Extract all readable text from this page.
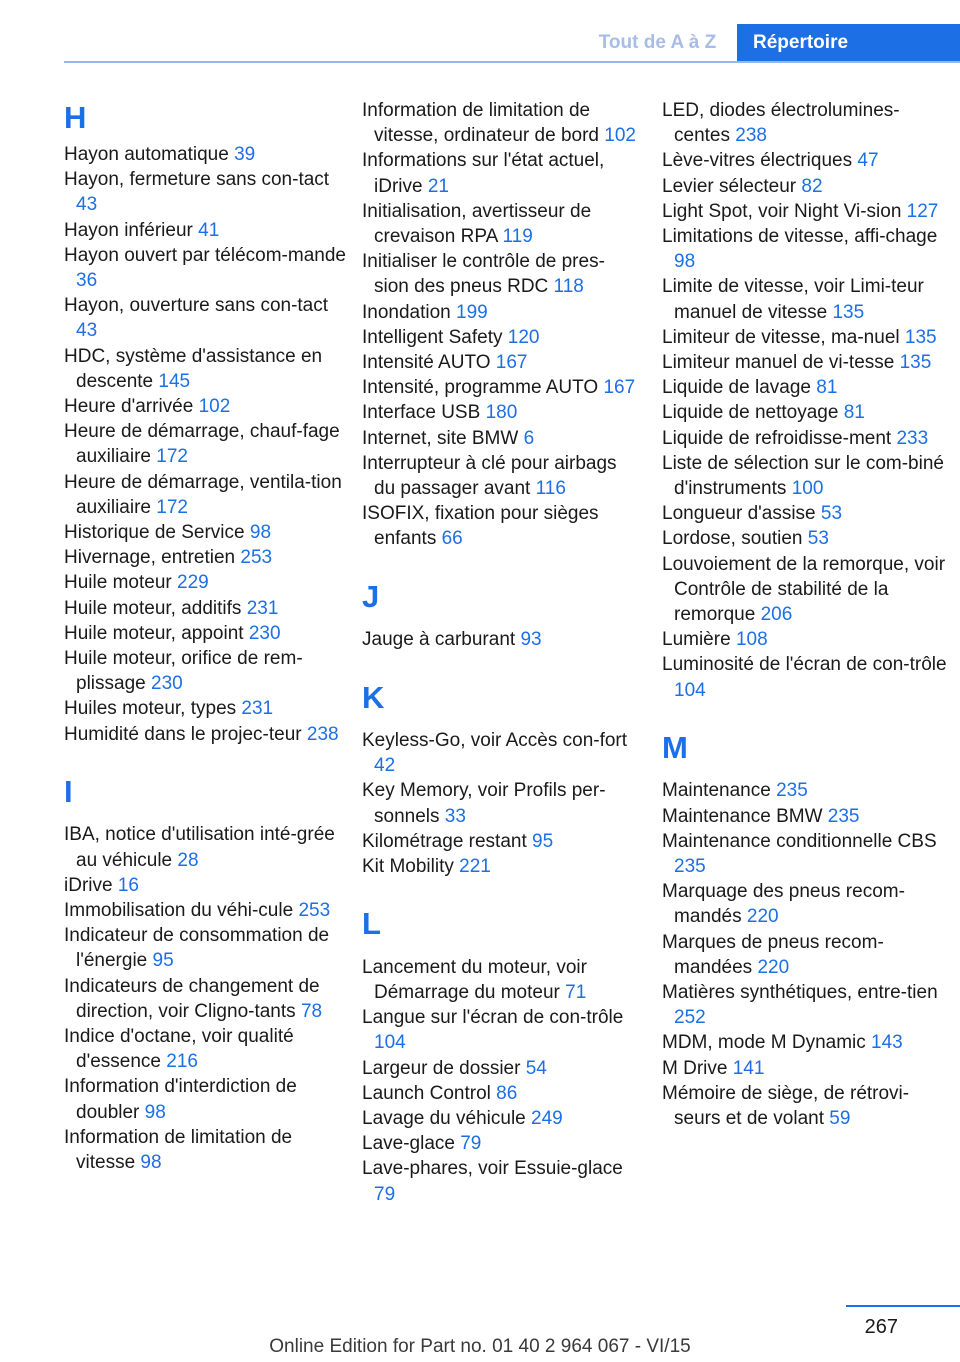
Tout de A à Z	Répertoire
H
Hayon automatique 39
Hayon, fermeture sans con-tact 43
Hayon inférieur 41
Hayon ouvert par télécom-mande 36
Hayon, ouverture sans con-tact 43
HDC, système d'assistance en descente 145
Heure d'arrivée 102
Heure de démarrage, chauf-fage auxiliaire 172
Heure de démarrage, ventila-tion auxiliaire 172
Historique de Service 98
Hivernage, entretien 253
Huile moteur 229
Huile moteur, additifs 231
Huile moteur, appoint 230
Huile moteur, orifice de rem-plissage 230
Huiles moteur, types 231
Humidité dans le projec-teur 238
I
IBA, notice d'utilisation inté-grée au véhicule 28
iDrive 16
Immobilisation du véhi-cule 253
Indicateur de consommation de l'énergie 95
Indicateurs de changement de direction, voir Cligno-tants 78
Indice d'octane, voir qualité d'essence 216
Information d'interdiction de doubler 98
Information de limitation de vitesse 98
Information de limitation de vitesse, ordinateur de bord 102
Informations sur l'état actuel, iDrive 21
Initialisation, avertisseur de crevaison RPA 119
Initialiser le contrôle de pres-sion des pneus RDC 118
Inondation 199
Intelligent Safety 120
Intensité AUTO 167
Intensité, programme AUTO 167
Interface USB 180
Internet, site BMW 6
Interrupteur à clé pour airbags du passager avant 116
ISOFIX, fixation pour sièges enfants 66
J
Jauge à carburant 93
K
Keyless-Go, voir Accès con-fort 42
Key Memory, voir Profils per-sonnels 33
Kilométrage restant 95
Kit Mobility 221
L
Lancement du moteur, voir Démarrage du moteur 71
Langue sur l'écran de con-trôle 104
Largeur de dossier 54
Launch Control 86
Lavage du véhicule 249
Lave-glace 79
Lave-phares, voir Essuie-glace 79
LED, diodes électrolumines-centes 238
Lève-vitres électriques 47
Levier sélecteur 82
Light Spot, voir Night Vi-sion 127
Limitations de vitesse, affi-chage 98
Limite de vitesse, voir Limi-teur manuel de vitesse 135
Limiteur de vitesse, ma-nuel 135
Limiteur manuel de vi-tesse 135
Liquide de lavage 81
Liquide de nettoyage 81
Liquide de refroidisse-ment 233
Liste de sélection sur le com-biné d'instruments 100
Longueur d'assise 53
Lordose, soutien 53
Louvoiement de la remorque, voir Contrôle de stabilité de la remorque 206
Lumière 108
Luminosité de l'écran de con-trôle 104
M
Maintenance 235
Maintenance BMW 235
Maintenance conditionnelle CBS 235
Marquage des pneus recom-mandés 220
Marques de pneus recom-mandées 220
Matières synthétiques, entre-tien 252
MDM, mode M Dynamic 143
M Drive 141
Mémoire de siège, de rétrovi-seurs et de volant 59
267
Online Edition for Part no. 01 40 2 964 067 - VI/15
